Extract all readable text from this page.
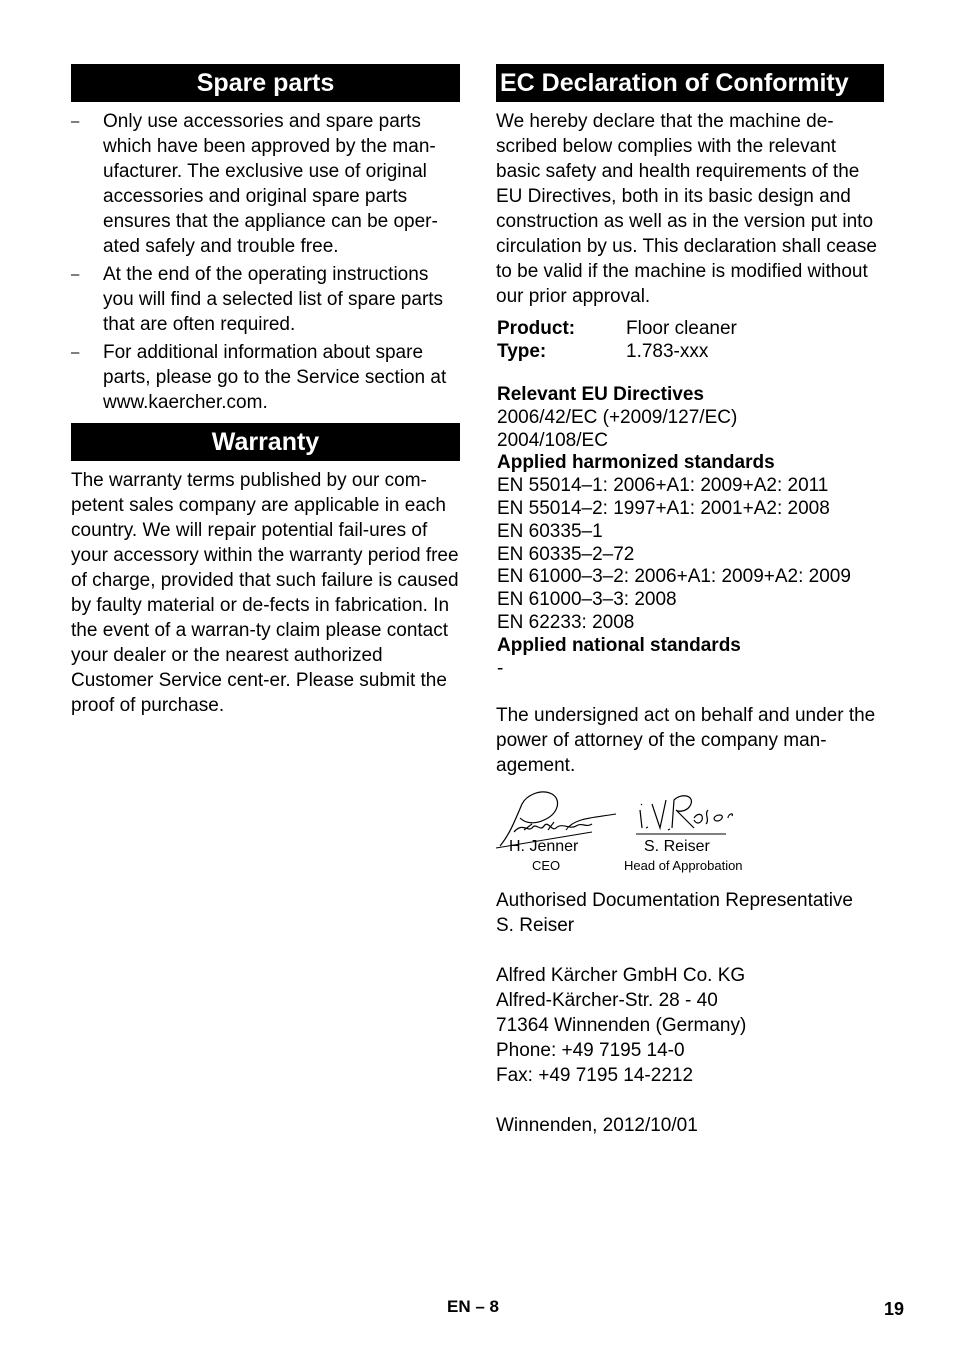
Spare parts
– Only use accessories and spare parts which have been approved by the man-ufacturer. The exclusive use of original accessories and original spare parts ensures that the appliance can be oper-ated safely and trouble free.
– At the end of the operating instructions you will find a selected list of spare parts that are often required.
– For additional information about spare parts, please go to the Service section at www.kaercher.com.
Warranty
The warranty terms published by our com-petent sales company are applicable in each country. We will repair potential fail-ures of your accessory within the warranty period free of charge, provided that such failure is caused by faulty material or de-fects in fabrication. In the event of a warran-ty claim please contact your dealer or the nearest authorized Customer Service cent-er. Please submit the proof of purchase.
EC Declaration of Conformity
We hereby declare that the machine de-scribed below complies with the relevant basic safety and health requirements of the EU Directives, both in its basic design and construction as well as in the version put into circulation by us. This declaration shall cease to be valid if the machine is modified without our prior approval.
Product:	Floor cleaner
Type:	1.783-xxx
Relevant EU Directives
2006/42/EC (+2009/127/EC)
2004/108/EC
Applied harmonized standards
EN 55014–1: 2006+A1: 2009+A2: 2011
EN 55014–2: 1997+A1: 2001+A2: 2008
EN 60335–1
EN 60335–2–72
EN 61000–3–2: 2006+A1: 2009+A2: 2009
EN 61000–3–3: 2008
EN 62233: 2008
Applied national standards
-
The undersigned act on behalf and under the power of attorney of the company man-agement.
H. Jenner
CEO
S. Reiser
Head of Approbation
Authorised Documentation Representative
S. Reiser
Alfred Kärcher GmbH Co. KG
Alfred-Kärcher-Str. 28 - 40
71364 Winnenden (Germany)
Phone: +49 7195 14-0
Fax: +49 7195 14-2212
Winnenden, 2012/10/01
EN – 8	19
